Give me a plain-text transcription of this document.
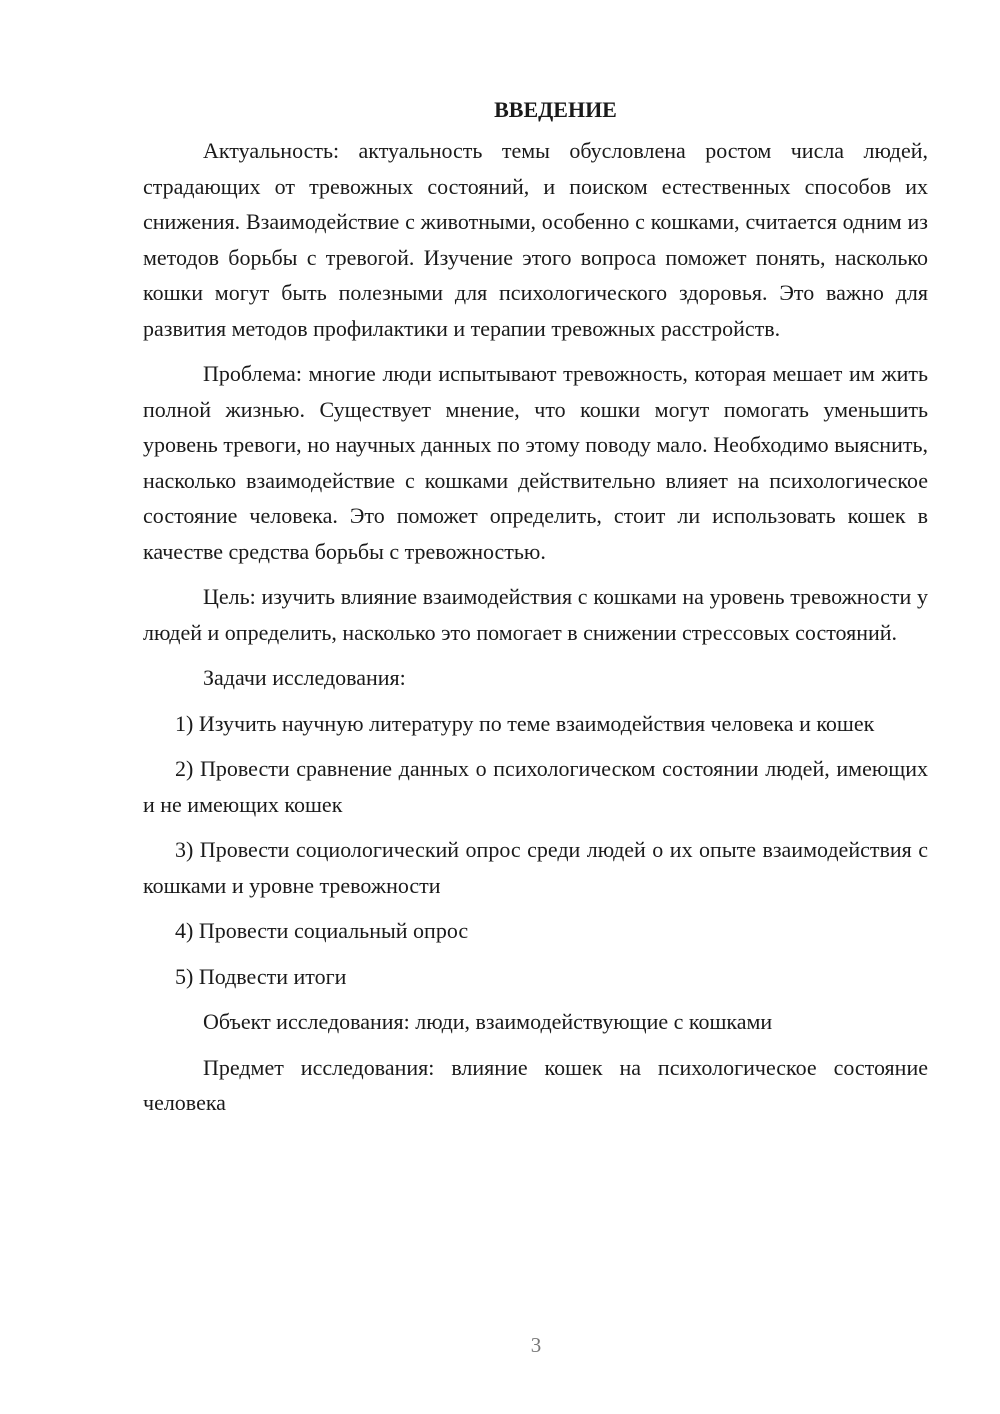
ВВЕДЕНИЕ

Актуальность: актуальность темы обусловлена ростом числа людей, страдающих от тревожных состояний, и поиском естественных способов их снижения. Взаимодействие с животными, особенно с кошками, считается одним из методов борьбы с тревогой. Изучение этого вопроса поможет понять, насколько кошки могут быть полезными для психологического здоровья. Это важно для развития методов профилактики и терапии тревожных расстройств.

Проблема: многие люди испытывают тревожность, которая мешает им жить полной жизнью. Существует мнение, что кошки могут помогать уменьшить уровень тревоги, но научных данных по этому поводу мало. Необходимо выяснить, насколько взаимодействие с кошками действительно влияет на психологическое состояние человека. Это поможет определить, стоит ли использовать кошек в качестве средства борьбы с тревожностью.

Цель: изучить влияние взаимодействия с кошками на уровень тревожности у людей и определить, насколько это помогает в снижении стрессовых состояний.

Задачи исследования:

1) Изучить научную литературу по теме взаимодействия человека и кошек

2) Провести сравнение данных о психологическом состоянии людей, имеющих и не имеющих кошек

3) Провести социологический опрос среди людей о их опыте взаимодействия с кошками и уровне тревожности

4) Провести социальный опрос

5) Подвести итоги

Объект исследования: люди, взаимодействующие с кошками

Предмет исследования: влияние кошек на психологическое состояние человека

3
